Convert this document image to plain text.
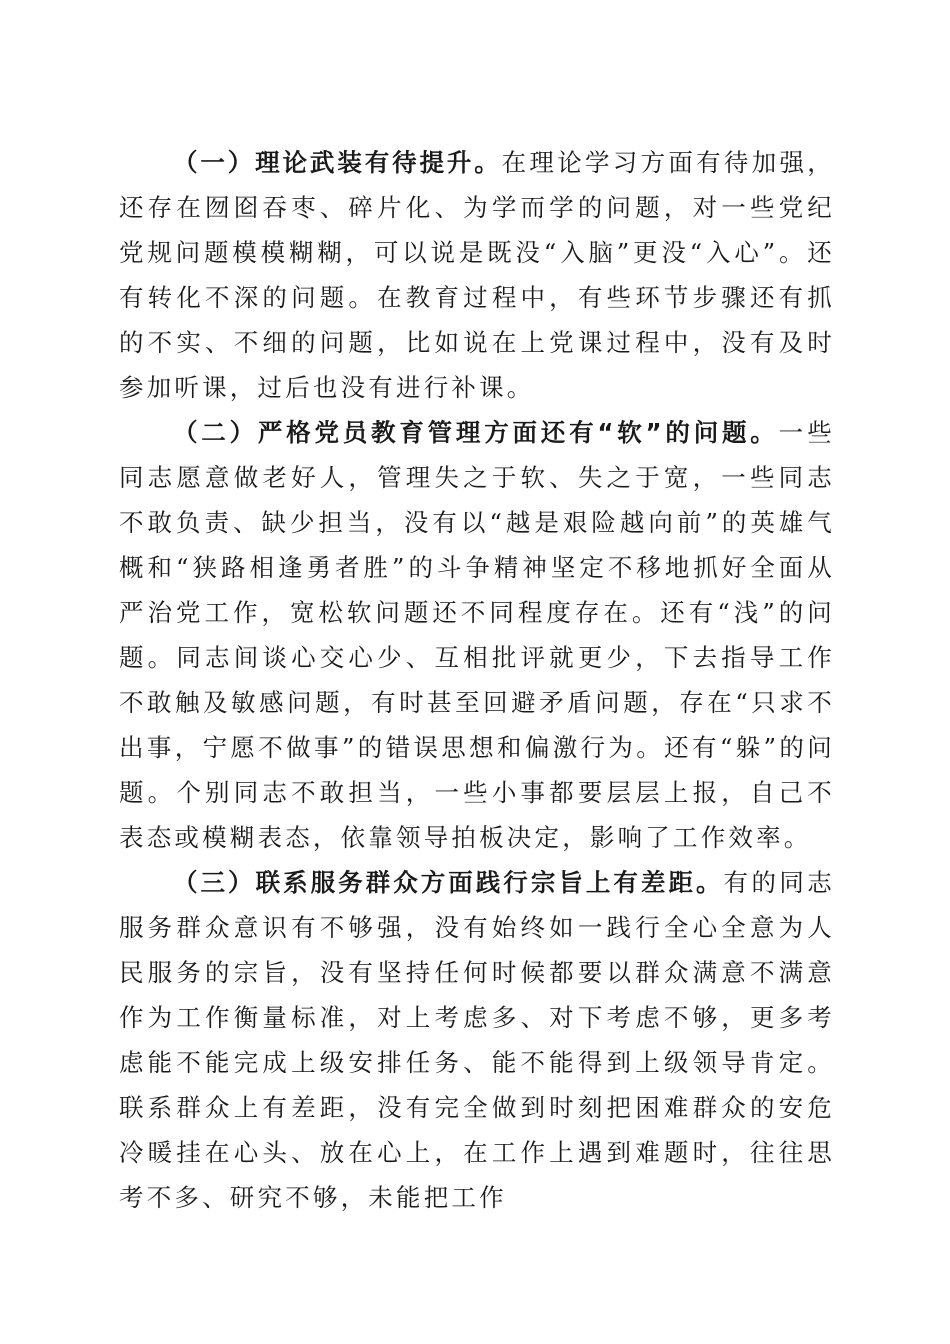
（一）理论武装有待提升。在理论学习方面有待加强，还存在囫囵吞枣、碎片化、为学而学的问题，对一些党纪党规问题模模糊糊，可以说是既没“入脑”更没“入心”。还有转化不深的问题。在教育过程中，有些环节步骤还有抓的不实、不细的问题，比如说在上党课过程中，没有及时参加听课，过后也没有进行补课。

（二）严格党员教育管理方面还有“软”的问题。一些同志愿意做老好人，管理失之于软、失之于宽，一些同志不敢负责、缺少担当，没有以“越是艰险越向前”的英雄气概和“狭路相逢勇者胜”的斗争精神坚定不移地抓好全面从严治党工作，宽松软问题还不同程度存在。还有“浅”的问题。同志间谈心交心少、互相批评就更少，下去指导工作不敢触及敏感问题，有时甚至回避矛盾问题，存在“只求不出事，宁愿不做事”的错误思想和偏激行为。还有“躲”的问题。个别同志不敢担当，一些小事都要层层上报，自己不表态或模糊表态，依靠领导拍板决定，影响了工作效率。

（三）联系服务群众方面践行宗旨上有差距。有的同志服务群众意识有不够强，没有始终如一践行全心全意为人民服务的宗旨，没有坚持任何时候都要以群众满意不满意作为工作衡量标准，对上考虑多、对下考虑不够，更多考虑能不能完成上级安排任务、能不能得到上级领导肯定。联系群众上有差距，没有完全做到时刻把困难群众的安危冷暖挂在心头、放在心上，在工作上遇到难题时，往往思考不多、研究不够，未能把工作
